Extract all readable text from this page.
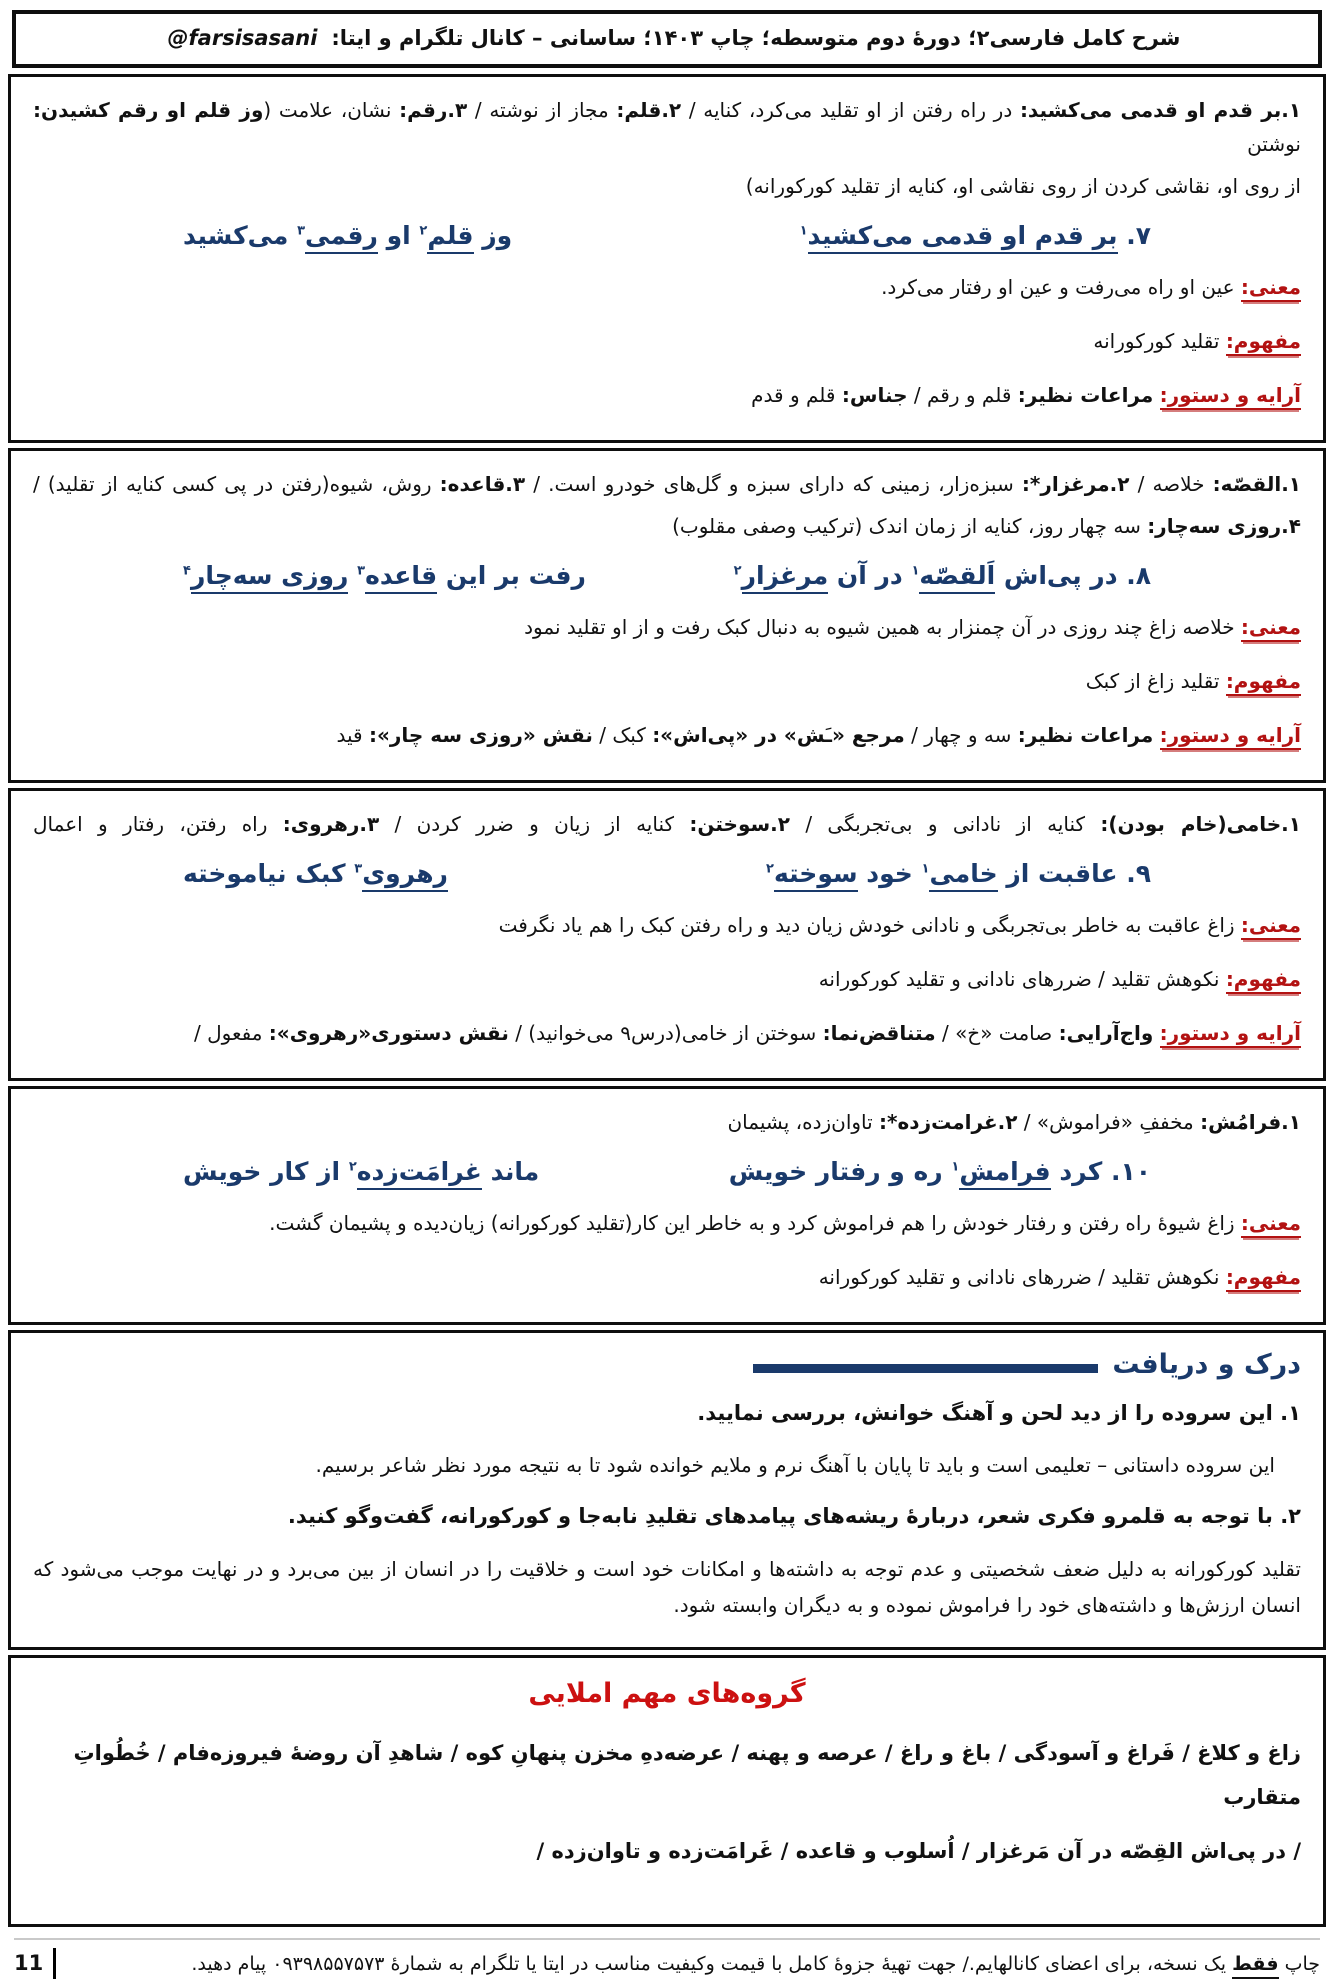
شرح کامل فارسی۲؛ دورهٔ دوم متوسطه؛ چاپ ۱۴۰۳؛ ساسانی – کانال تلگرام و ایتا:@farsisasani

۱.بر قدم او قدمی می‌کشید: در راه رفتن از او تقلید می‌کرد، کنایه / ۲.قلم: مجاز از نوشته / ۳.رقم: نشان، علامت (وز قلم او رقم کشیدن: نوشتن

از روی او، نقاشی کردن از روی نقاشی او، کنایه از تقلید کورکورانه)

۷. بر قدم او قدمی می‌کشید$^۱$
وز قلم$^۲$ او رقمی$^۳$ می‌کشید

معنی: عین او راه می‌رفت و عین او رفتار می‌کرد.

مفهوم: تقلید کورکورانه

آرایه و دستور: مراعات نظیر: قلم و رقم / جناس: قلم و قدم

۱.القصّه: خلاصه / ۲.مرغزار*: سبزه‌زار، زمینی که دارای سبزه و گل‌های خودرو است. / ۳.قاعده: روش، شیوه(رفتن در پی کسی کنایه از تقلید) /

۴.روزی سه‌چار: سه چهار روز، کنایه از زمان اندک (ترکیب وصفی مقلوب)

۸. در پی‌اش اَلقصّه$^۱$ در آن مرغزار$^۲$
رفت بر این قاعده$^۳$ روزی سه‌چار$^۴$

معنی: خلاصه زاغ چند روزی در آن چمنزار به همین شیوه به دنبال کبک رفت و از او تقلید نمود

مفهوم: تقلید زاغ از کبک

آرایه و دستور: مراعات نظیر: سه و چهار / مرجع «ـَش» در «پی‌اش»: کبک / نقش «روزی سه چار»: قید

۱.خامی(خام بودن): کنایه از نادانی و بی‌تجربگی / ۲.سوختن: کنایه از زیان و ضرر کردن / ۳.رهروی: راه رفتن، رفتار و اعمال

۹. عاقبت از خامی$^۱$ خود سوخته$^۲$
رهروی$^۳$ کبک نیاموخته

معنی: زاغ عاقبت به خاطر بی‌تجربگی و نادانی خودش زیان دید و راه رفتن کبک را هم یاد نگرفت

مفهوم: نکوهش تقلید / ضررهای نادانی و تقلید کورکورانه

آرایه و دستور: واج‌آرایی: صامت «خ» / متناقض‌نما: سوختن از خامی(درس۹ می‌خوانید) / نقش دستوری«رهروی»: مفعول /

۱.فرامُش: مخففِ «فراموش» / ۲.غرامت‌زده*: تاوان‌زده، پشیمان

۱۰. کرد فرامش$^۱$ ره و رفتار خویش
ماند غرامَت‌زده$^۲$ از کار خویش

معنی: زاغ شیوهٔ راه رفتن و رفتار خودش را هم فراموش کرد و به خاطر این کار(تقلید کورکورانه) زیان‌دیده و پشیمان گشت.

مفهوم: نکوهش تقلید / ضررهای نادانی و تقلید کورکورانه

درک و دریافت

۱. این سروده را از دید لحن و آهنگ خوانش، بررسی نمایید.

این سروده داستانی – تعلیمی است و باید تا پایان با آهنگ نرم و ملایم خوانده شود تا به نتیجه مورد نظر شاعر برسیم.

۲. با توجه به قلمرو فکری شعر، دربارهٔ ریشه‌های پیامدهای تقلیدِ نابه‌جا و کورکورانه، گفت‌وگو کنید.

تقلید کورکورانه به دلیل ضعف شخصیتی و عدم توجه به داشته‌ها و امکانات خود است و خلاقیت را در انسان از بین می‌برد و در نهایت موجب می‌شود که انسان ارزش‌ها و داشته‌های خود را فراموش نموده و به دیگران وابسته شود.

گروه‌های مهم املایی

زاغ و کلاغ / فَراغ و آسودگی / باغ و راغ / عرصه و پهنه / عرضه‌دهِ مخزن پنهانِ کوه / شاهدِ آن روضهٔ فیروزه‌فام / خُطُواتِ متقارب

/ در پی‌اش القِصّه در آن مَرغزار / اُسلوب و قاعده / غَرامَت‌زده و تاوان‌زده /

چاپ فقط یک نسخه، برای اعضای کانالهایم./ جهت تهیهٔ جزوهٔ کامل با قیمت وکیفیت مناسب در ایتا یا تلگرام به شمارهٔ ۰۹۳۹۸۵۵۷۵۷۳ پیام دهید.
11
